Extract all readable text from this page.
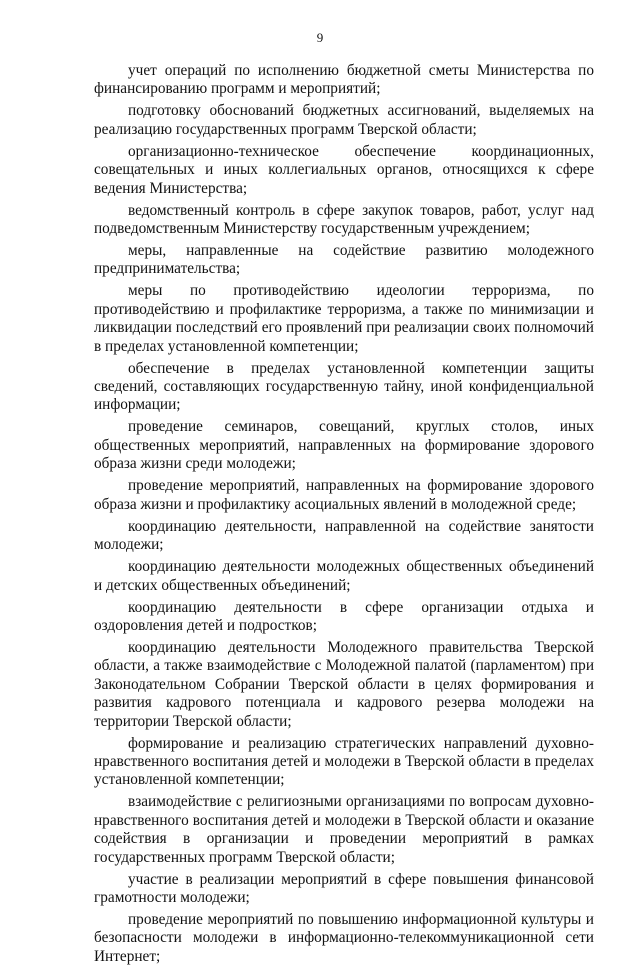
9

учет операций по исполнению бюджетной сметы Министерства по финансированию программ и мероприятий;

подготовку обоснований бюджетных ассигнований, выделяемых на реализацию государственных программ Тверской области;

организационно-техническое обеспечение координационных, совещательных и иных коллегиальных органов, относящихся к сфере ведения Министерства;

ведомственный контроль в сфере закупок товаров, работ, услуг над подведомственным Министерству государственным учреждением;

меры, направленные на содействие развитию молодежного предпринимательства;

меры по противодействию идеологии терроризма, по противодействию и профилактике терроризма, а также по минимизации и ликвидации последствий его проявлений при реализации своих полномочий в пределах установленной компетенции;

обеспечение в пределах установленной компетенции защиты сведений, составляющих государственную тайну, иной конфиденциальной информации;

проведение семинаров, совещаний, круглых столов, иных общественных мероприятий, направленных на формирование здорового образа жизни среди молодежи;

проведение мероприятий, направленных на формирование здорового образа жизни и профилактику асоциальных явлений в молодежной среде;

координацию деятельности, направленной на содействие занятости молодежи;

координацию деятельности молодежных общественных объединений и детских общественных объединений;

координацию деятельности в сфере организации отдыха и оздоровления детей и подростков;

координацию деятельности Молодежного правительства Тверской области, а также взаимодействие с Молодежной палатой (парламентом) при Законодательном Собрании Тверской области в целях формирования и развития кадрового потенциала и кадрового резерва молодежи на территории Тверской области;

формирование и реализацию стратегических направлений духовно-нравственного воспитания детей и молодежи в Тверской области в пределах установленной компетенции;

взаимодействие с религиозными организациями по вопросам духовно-нравственного воспитания детей и молодежи в Тверской области и оказание содействия в организации и проведении мероприятий в рамках государственных программ Тверской области;

участие в реализации мероприятий в сфере повышения финансовой грамотности молодежи;

проведение мероприятий по повышению информационной культуры и безопасности молодежи в информационно-телекоммуникационной сети Интернет;
